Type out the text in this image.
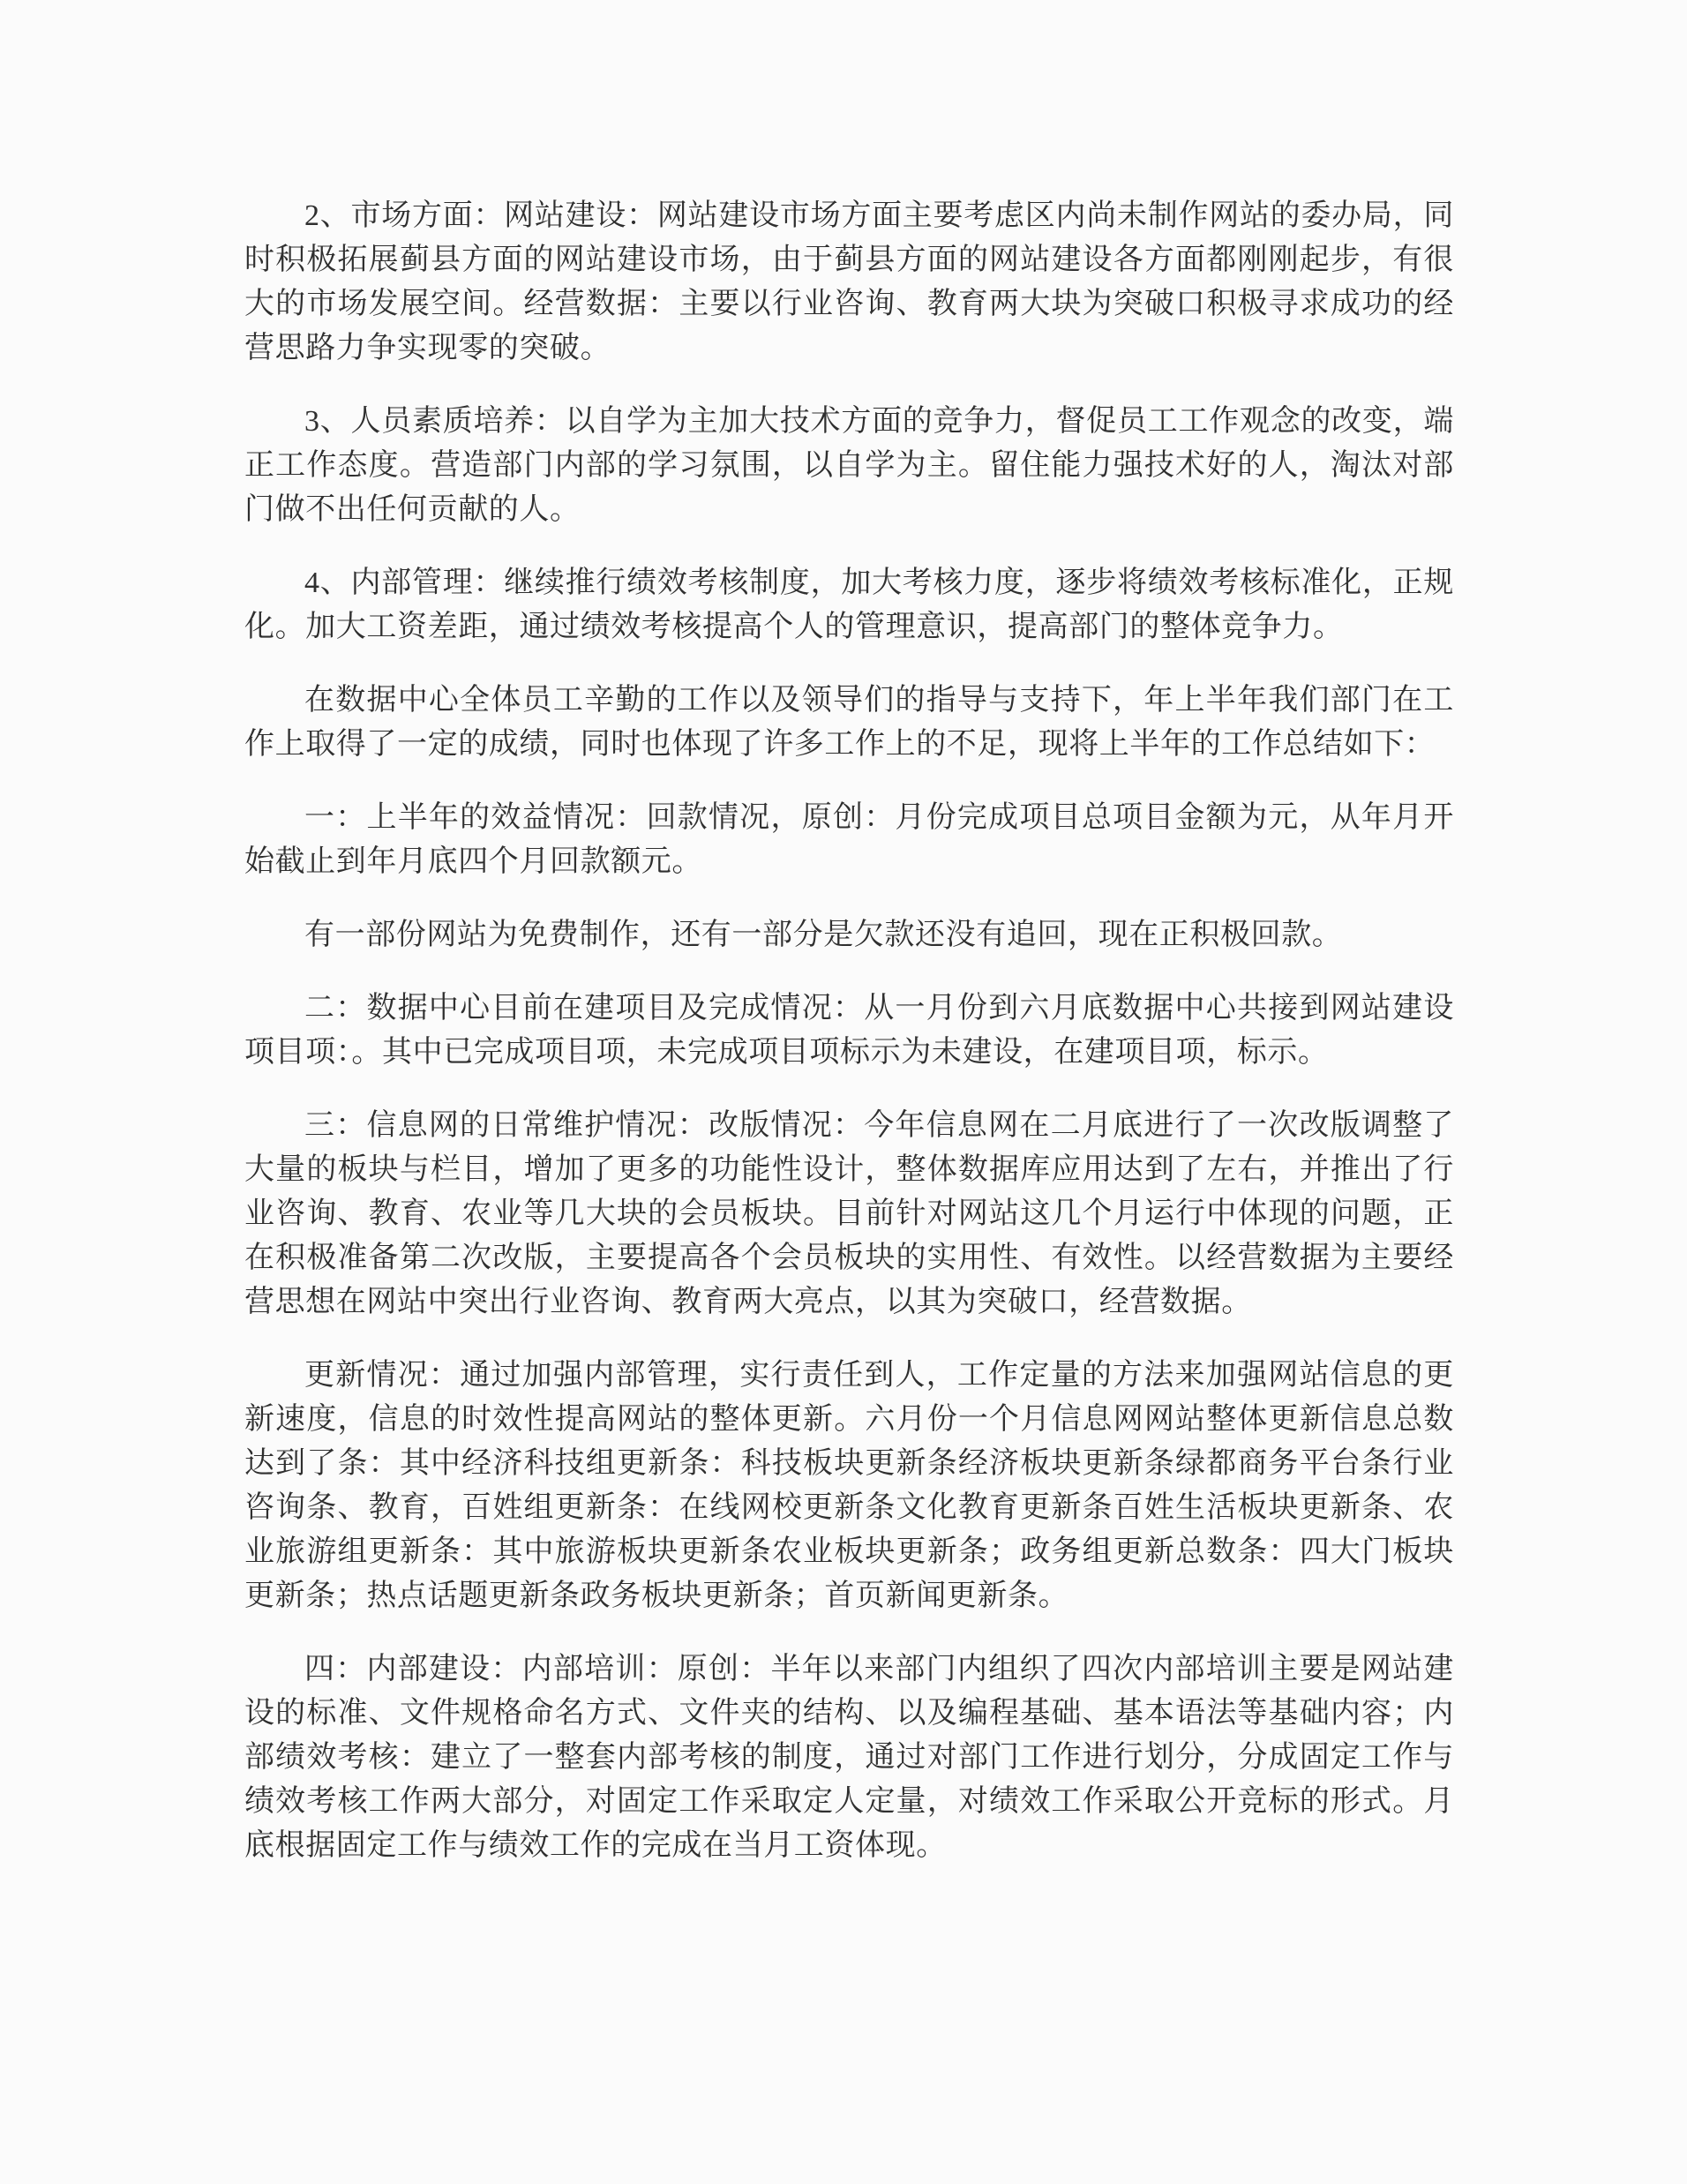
2、市场方面：网站建设：网站建设市场方面主要考虑区内尚未制作网站的委办局，同时积极拓展蓟县方面的网站建设市场，由于蓟县方面的网站建设各方面都刚刚起步，有很大的市场发展空间。经营数据：主要以行业咨询、教育两大块为突破口积极寻求成功的经营思路力争实现零的突破。

3、人员素质培养：以自学为主加大技术方面的竞争力，督促员工工作观念的改变，端正工作态度。营造部门内部的学习氛围，以自学为主。留住能力强技术好的人，淘汰对部门做不出任何贡献的人。

4、内部管理：继续推行绩效考核制度，加大考核力度，逐步将绩效考核标准化，正规化。加大工资差距，通过绩效考核提高个人的管理意识，提高部门的整体竞争力。

在数据中心全体员工辛勤的工作以及领导们的指导与支持下，年上半年我们部门在工作上取得了一定的成绩，同时也体现了许多工作上的不足，现将上半年的工作总结如下：

一：上半年的效益情况：回款情况，原创：月份完成项目总项目金额为元，从年月开始截止到年月底四个月回款额元。

有一部份网站为免费制作，还有一部分是欠款还没有追回，现在正积极回款。

二：数据中心目前在建项目及完成情况：从一月份到六月底数据中心共接到网站建设项目项：。其中已完成项目项，未完成项目项标示为未建设，在建项目项，标示。

三：信息网的日常维护情况：改版情况：今年信息网在二月底进行了一次改版调整了大量的板块与栏目，增加了更多的功能性设计，整体数据库应用达到了左右，并推出了行业咨询、教育、农业等几大块的会员板块。目前针对网站这几个月运行中体现的问题，正在积极准备第二次改版，主要提高各个会员板块的实用性、有效性。以经营数据为主要经营思想在网站中突出行业咨询、教育两大亮点，以其为突破口，经营数据。

更新情况：通过加强内部管理，实行责任到人，工作定量的方法来加强网站信息的更新速度，信息的时效性提高网站的整体更新。六月份一个月信息网网站整体更新信息总数达到了条：其中经济科技组更新条：科技板块更新条经济板块更新条绿都商务平台条行业咨询条、教育，百姓组更新条：在线网校更新条文化教育更新条百姓生活板块更新条、农业旅游组更新条：其中旅游板块更新条农业板块更新条；政务组更新总数条：四大门板块更新条；热点话题更新条政务板块更新条；首页新闻更新条。

四：内部建设：内部培训：原创：半年以来部门内组织了四次内部培训主要是网站建设的标准、文件规格命名方式、文件夹的结构、以及编程基础、基本语法等基础内容；内部绩效考核：建立了一整套内部考核的制度，通过对部门工作进行划分，分成固定工作与绩效考核工作两大部分，对固定工作采取定人定量，对绩效工作采取公开竞标的形式。月底根据固定工作与绩效工作的完成在当月工资体现。
